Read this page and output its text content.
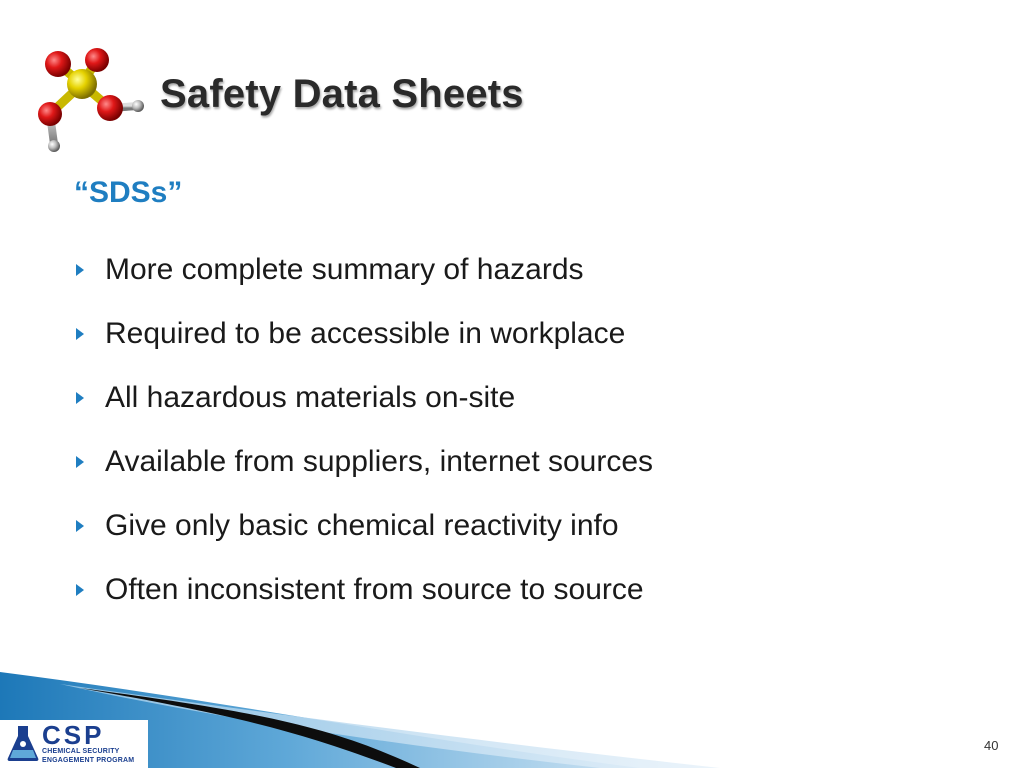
Safety Data Sheets
“SDSs”
More complete summary of hazards
Required to be accessible in workplace
All hazardous materials on-site
Available from suppliers, internet sources
Give only basic chemical reactivity info
Often inconsistent from source to source
CSP
CHEMICAL SECURITY
ENGAGEMENT PROGRAM
40
